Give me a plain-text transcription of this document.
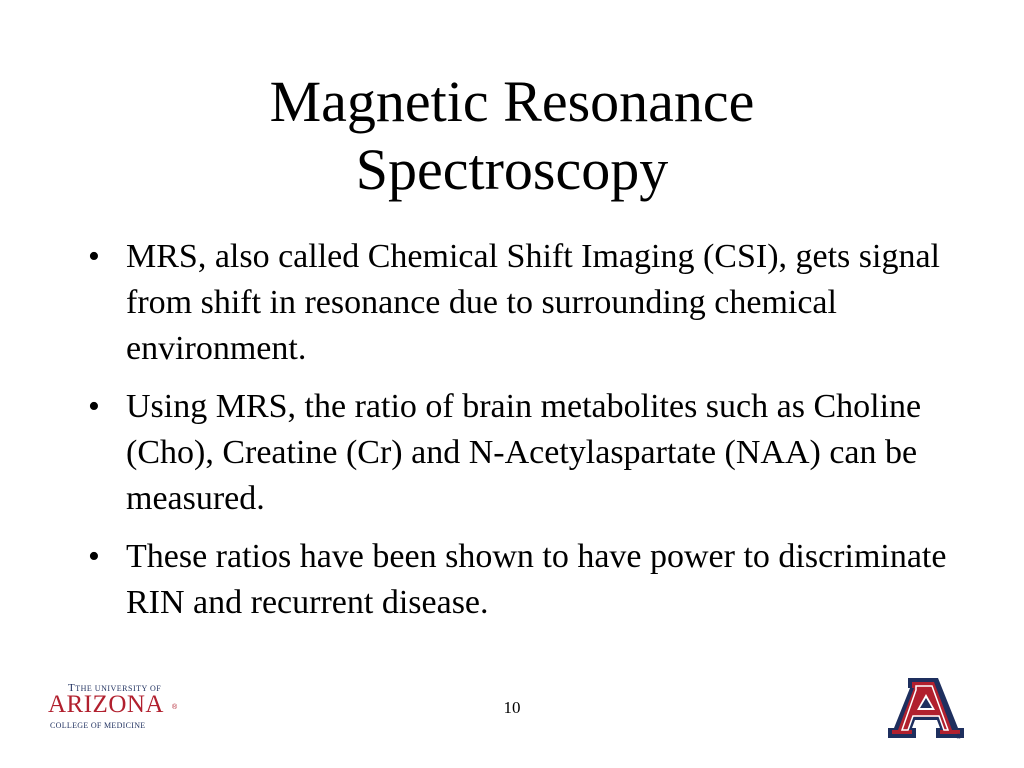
Magnetic Resonance
Spectroscopy
• MRS, also called Chemical Shift Imaging (CSI), gets signal from shift in resonance due to surrounding chemical environment.
• Using MRS, the ratio of brain metabolites such as Choline (Cho), Creatine (Cr) and N-Acetylaspartate (NAA) can be measured.
• These ratios have been shown to have power to discriminate RIN and recurrent disease.
TTHE UNIVERSITY OF
ARIZONA ®
COLLEGE OF MEDICINE
10
®
